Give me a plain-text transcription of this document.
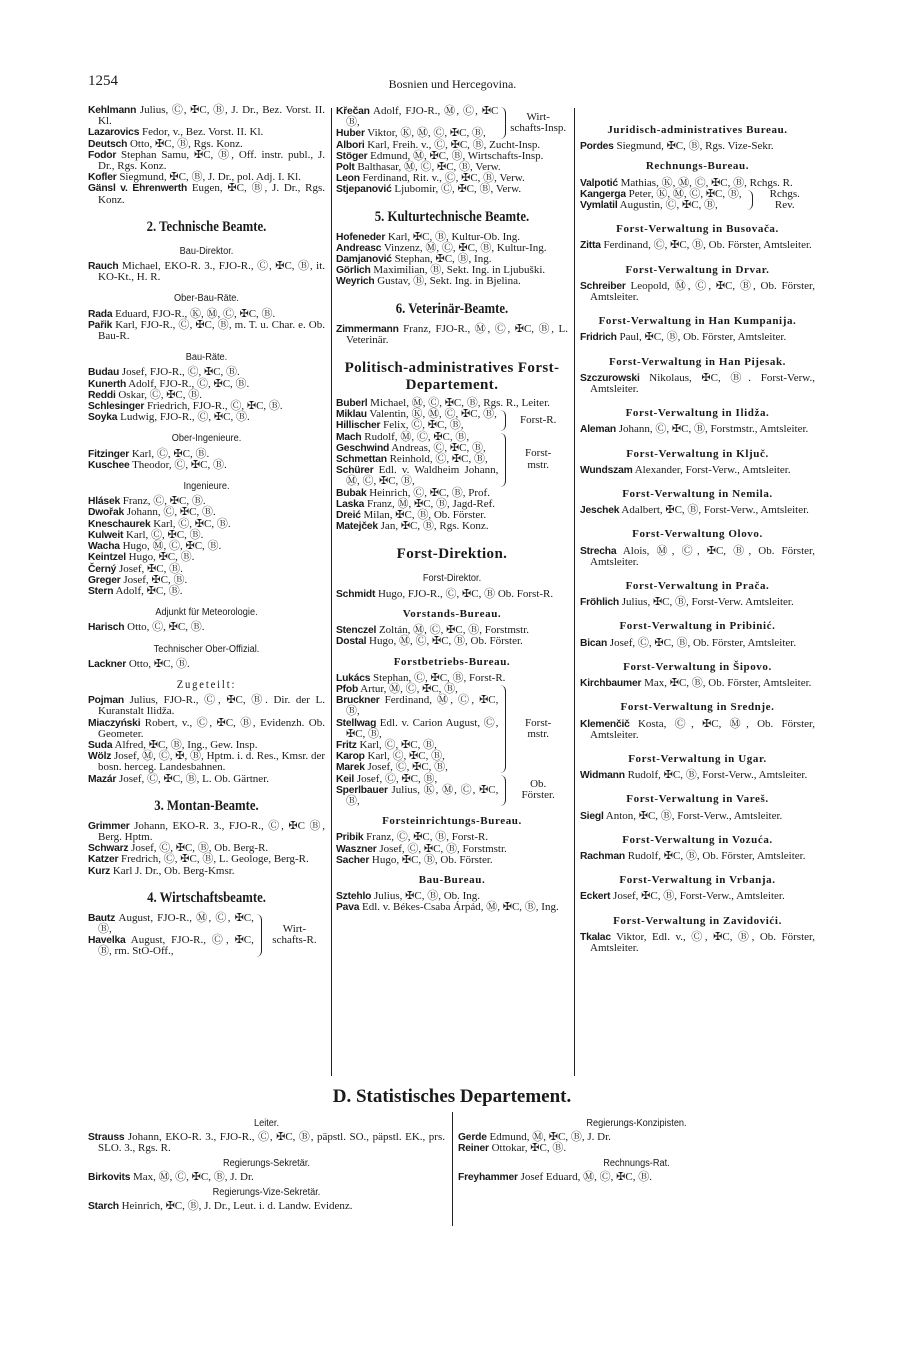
1254	Bosnien und Hercegovina.
Kehlmann Julius, Ⓒ, ✠C, Ⓑ, J. Dr., Bez. Vorst. II. Kl.
Lazarovics Fedor, v., Bez. Vorst. II. Kl.
Deutsch Otto, ✠C, Ⓑ, Rgs. Konz.
Fodor Stephan Samu, ✠C, Ⓑ, Off. instr. publ., J. Dr., Rgs. Konz.
Kofler Siegmund, ✠C, Ⓑ, J. Dr., pol. Adj. I. Kl.
Gänsl v. Ehrenwerth Eugen, ✠C, Ⓑ, J. Dr., Rgs. Konz.
2. Technische Beamte.
Bau-Direktor.
Rauch Michael, EKO-R. 3., FJO-R., Ⓒ, ✠C, Ⓑ, it. KO-Kt., H. R.
Ober-Bau-Räte.
Rada Eduard, FJO-R., Ⓚ, Ⓜ, Ⓒ, ✠C, Ⓑ.
Pařik Karl, FJO-R., Ⓒ, ✠C, Ⓑ, m. T. u. Char. e. Ob. Bau-R.
Bau-Räte.
Budau Josef, FJO-R., Ⓒ, ✠C, Ⓑ.
Kunerth Adolf, FJO-R., Ⓒ, ✠C, Ⓑ.
Reddi Oskar, Ⓒ, ✠C, Ⓑ.
Schlesinger Friedrich, FJO-R., Ⓒ, ✠C, Ⓑ.
Soyka Ludwig, FJO-R., Ⓒ, ✠C, Ⓑ.
Ober-Ingenieure.
Fitzinger Karl, Ⓒ, ✠C, Ⓑ.
Kuschee Theodor, Ⓒ, ✠C, Ⓑ.
Ingenieure.
Hlásek Franz, Ⓒ, ✠C, Ⓑ.
Dwořak Johann, Ⓒ, ✠C, Ⓑ.
Kneschaurek Karl, Ⓒ, ✠C, Ⓑ.
Kulweit Karl, Ⓒ, ✠C, Ⓑ.
Wacha Hugo, Ⓜ, Ⓒ, ✠C, Ⓑ.
Keintzel Hugo, ✠C, Ⓑ.
Černý Josef, ✠C, Ⓑ.
Greger Josef, ✠C, Ⓑ.
Stern Adolf, ✠C, Ⓑ.
Adjunkt für Meteorologie.
Harisch Otto, Ⓒ, ✠C, Ⓑ.
Technischer Ober-Offizial.
Lackner Otto, ✠C, Ⓑ.
Zugeteilt:
Pojman Julius, FJO-R., Ⓒ, ✠C, Ⓑ. Dir. der L. Kuranstalt Ilidža.
Miaczyński Robert, v., Ⓒ, ✠C, Ⓑ, Evidenzh. Ob. Geometer.
Suda Alfred, ✠C, Ⓑ, Ing., Gew. Insp.
Wölz Josef, Ⓜ, Ⓒ, ✠, Ⓑ, Hptm. i. d. Res., Kmsr. der bosn. herceg. Landesbahnen.
Mazár Josef, Ⓒ, ✠C, Ⓑ, L. Ob. Gärtner.
3. Montan-Beamte.
Grimmer Johann, EKO-R. 3., FJO-R., Ⓒ, ✠C Ⓑ, Berg. Hptm.
Schwarz Josef, Ⓒ, ✠C, Ⓑ, Ob. Berg-R.
Katzer Fredrich, Ⓒ, ✠C, Ⓑ, L. Geologe, Berg-R.
Kurz Karl J. Dr., Ob. Berg-Kmsr.
4. Wirtschaftsbeamte.
Bautz August, FJO-R., Ⓜ, Ⓒ, ✠C, Ⓑ,
Havelka August, FJO-R., Ⓒ, ✠C, Ⓑ, rm. StO-Off.,
Wirt-
schafts-R.
Křečan Adolf, FJO-R., Ⓜ, Ⓒ, ✠C Ⓑ,
Huber Viktor, Ⓚ, Ⓜ, Ⓒ, ✠C, Ⓑ,
Wirt-
schafts-Insp.
Albori Karl, Freih. v., Ⓒ, ✠C, Ⓑ, Zucht-Insp.
Stöger Edmund, Ⓜ, ✠C, Ⓑ, Wirtschafts-Insp.
Polt Balthasar, Ⓜ, Ⓒ, ✠C, Ⓑ, Verw.
Leon Ferdinand, Rit. v., Ⓒ, ✠C, Ⓑ, Verw.
Stjepanović Ljubomir, Ⓒ, ✠C, Ⓑ, Verw.
5. Kulturtechnische Beamte.
Hofeneder Karl, ✠C, Ⓑ, Kultur-Ob. Ing.
Andreasc Vinzenz, Ⓜ, Ⓒ, ✠C, Ⓑ, Kultur-Ing.
Damjanović Stephan, ✠C, Ⓑ, Ing.
Görlich Maximilian, Ⓑ, Sekt. Ing. in Ljubuški.
Weyrich Gustav, Ⓑ, Sekt. Ing. in Bjelina.
6. Veterinär-Beamte.
Zimmermann Franz, FJO-R., Ⓜ, Ⓒ, ✠C, Ⓑ, L. Veterinär.
Politisch-administratives Forst-Departement.
Buberl Michael, Ⓜ, Ⓒ, ✠C, Ⓑ, Rgs. R., Leiter.
Miklau Valentin, Ⓚ, Ⓜ, Ⓒ, ✠C, Ⓑ,
Hillischer Felix, Ⓒ, ✠C, Ⓑ,	Forst-R.
Mach Rudolf, Ⓜ, Ⓒ, ✠C, Ⓑ,
Geschwind Andreas, Ⓒ, ✠C, Ⓑ,
Schmettan Reinhold, Ⓒ, ✠C, Ⓑ,
Schürer Edl. v. Waldheim Johann, Ⓜ, Ⓒ, ✠C, Ⓑ,
Forst-
mstr.
Bubak Heinrich, Ⓒ, ✠C, Ⓑ, Prof.
Laska Franz, Ⓜ, ✠C, Ⓑ, Jagd-Ref.
Dreić Milan, ✠C, Ⓑ, Ob. Förster.
Matejček Jan, ✠C, Ⓑ, Rgs. Konz.
Forst-Direktion.
Forst-Direktor.
Schmidt Hugo, FJO-R., Ⓒ, ✠C, Ⓑ Ob. Forst-R.
Vorstands-Bureau.
Stenczel Zoltán, Ⓜ, Ⓒ, ✠C, Ⓑ, Forstmstr.
Dostal Hugo, Ⓜ, Ⓒ, ✠C, Ⓑ, Ob. Förster.
Forstbetriebs-Bureau.
Lukács Stephan, Ⓒ, ✠C, Ⓑ, Forst-R.
Pfob Artur, Ⓜ, Ⓒ, ✠C, Ⓑ,
Bruckner Ferdinand, Ⓜ, Ⓒ, ✠C, Ⓑ,
Stellwag Edl. v. Carion August, Ⓒ, ✠C, Ⓑ,
Fritz Karl, Ⓒ, ✠C, Ⓑ,
Karop Karl, Ⓒ, ✠C, Ⓑ,
Marek Josef, Ⓒ, ✠C, Ⓑ,
Forst-
mstr.
Keil Josef, Ⓒ, ✠C, Ⓑ,
Sperlbauer Julius, Ⓚ, Ⓜ, Ⓒ, ✠C, Ⓑ,
Ob.
Förster.
Forsteinrichtungs-Bureau.
Pribik Franz, Ⓒ, ✠C, Ⓑ, Forst-R.
Waszner Josef, Ⓒ, ✠C, Ⓑ, Forstmstr.
Sacher Hugo, ✠C, Ⓑ, Ob. Förster.
Bau-Bureau.
Sztehlo Julius, ✠C, Ⓑ, Ob. Ing.
Pava Edl. v. Békes-Csaba Árpád, Ⓜ, ✠C, Ⓑ, Ing.
Juridisch-administratives Bureau.
Pordes Siegmund, ✠C, Ⓑ, Rgs. Vize-Sekr.
Rechnungs-Bureau.
Valpotić Mathias, Ⓚ, Ⓜ, Ⓒ, ✠C, Ⓑ, Rchgs. R.
Kangerga Peter, Ⓚ, Ⓜ, Ⓒ, ✠C, Ⓑ,
Vymlatil Augustin, Ⓒ, ✠C, Ⓑ,
Rchgs.
Rev.
Forst-Verwaltung in Busovača.
Zitta Ferdinand, Ⓒ, ✠C, Ⓑ, Ob. Förster, Amtsleiter.
Forst-Verwaltung in Drvar.
Schreiber Leopold, Ⓜ, Ⓒ, ✠C, Ⓑ, Ob. Förster, Amtsleiter.
Forst-Verwaltung in Han Kumpanija.
Fridrich Paul, ✠C, Ⓑ, Ob. Förster, Amtsleiter.
Forst-Verwaltung in Han Pijesak.
Szczurowski Nikolaus, ✠C, Ⓑ. Forst-Verw., Amtsleiter.
Forst-Verwaltung in Ilidža.
Aleman Johann, Ⓒ, ✠C, Ⓑ, Forstmstr., Amtsleiter.
Forst-Verwaltung in Ključ.
Wundszam Alexander, Forst-Verw., Amtsleiter.
Forst-Verwaltung in Nemila.
Jeschek Adalbert, ✠C, Ⓑ, Forst-Verw., Amtsleiter.
Forst-Verwaltung Olovo.
Strecha Alois, Ⓜ, Ⓒ, ✠C, Ⓑ, Ob. Förster, Amtsleiter.
Forst-Verwaltung in Prača.
Fröhlich Julius, ✠C, Ⓑ, Forst-Verw. Amtsleiter.
Forst-Verwaltung in Pribinić.
Bican Josef, Ⓒ, ✠C, Ⓑ, Ob. Förster, Amtsleiter.
Forst-Verwaltung in Šipovo.
Kirchbaumer Max, ✠C, Ⓑ, Ob. Förster, Amtsleiter.
Forst-Verwaltung in Srednje.
Klemenčič Kosta, Ⓒ, ✠C, Ⓜ, Ob. Förster, Amtsleiter.
Forst-Verwaltung in Ugar.
Widmann Rudolf, ✠C, Ⓑ, Forst-Verw., Amtsleiter.
Forst-Verwaltung in Vareš.
Siegl Anton, ✠C, Ⓑ, Forst-Verw., Amtsleiter.
Forst-Verwaltung in Vozuća.
Rachman Rudolf, ✠C, Ⓑ, Ob. Förster, Amtsleiter.
Forst-Verwaltung in Vrbanja.
Eckert Josef, ✠C, Ⓑ, Forst-Verw., Amtsleiter.
Forst-Verwaltung in Zavidovići.
Tkalac Viktor, Edl. v., Ⓒ, ✠C, Ⓑ, Ob. Förster, Amtsleiter.
D. Statistisches Departement.
Leiter.
Strauss Johann, EKO-R. 3., FJO-R., Ⓒ, ✠C, Ⓑ, päpstl. SO., päpstl. EK., prs. SLO. 3., Rgs. R.
Regierungs-Sekretär.
Birkovits Max, Ⓜ, Ⓒ, ✠C, Ⓑ, J. Dr.
Regierungs-Vize-Sekretär.
Starch Heinrich, ✠C, Ⓑ, J. Dr., Leut. i. d. Landw. Evidenz.
Regierungs-Konzipisten.
Gerde Edmund, Ⓜ, ✠C, Ⓑ, J. Dr.
Reiner Ottokar, ✠C, Ⓑ.
Rechnungs-Rat.
Freyhammer Josef Eduard, Ⓜ, Ⓒ, ✠C, Ⓑ.
